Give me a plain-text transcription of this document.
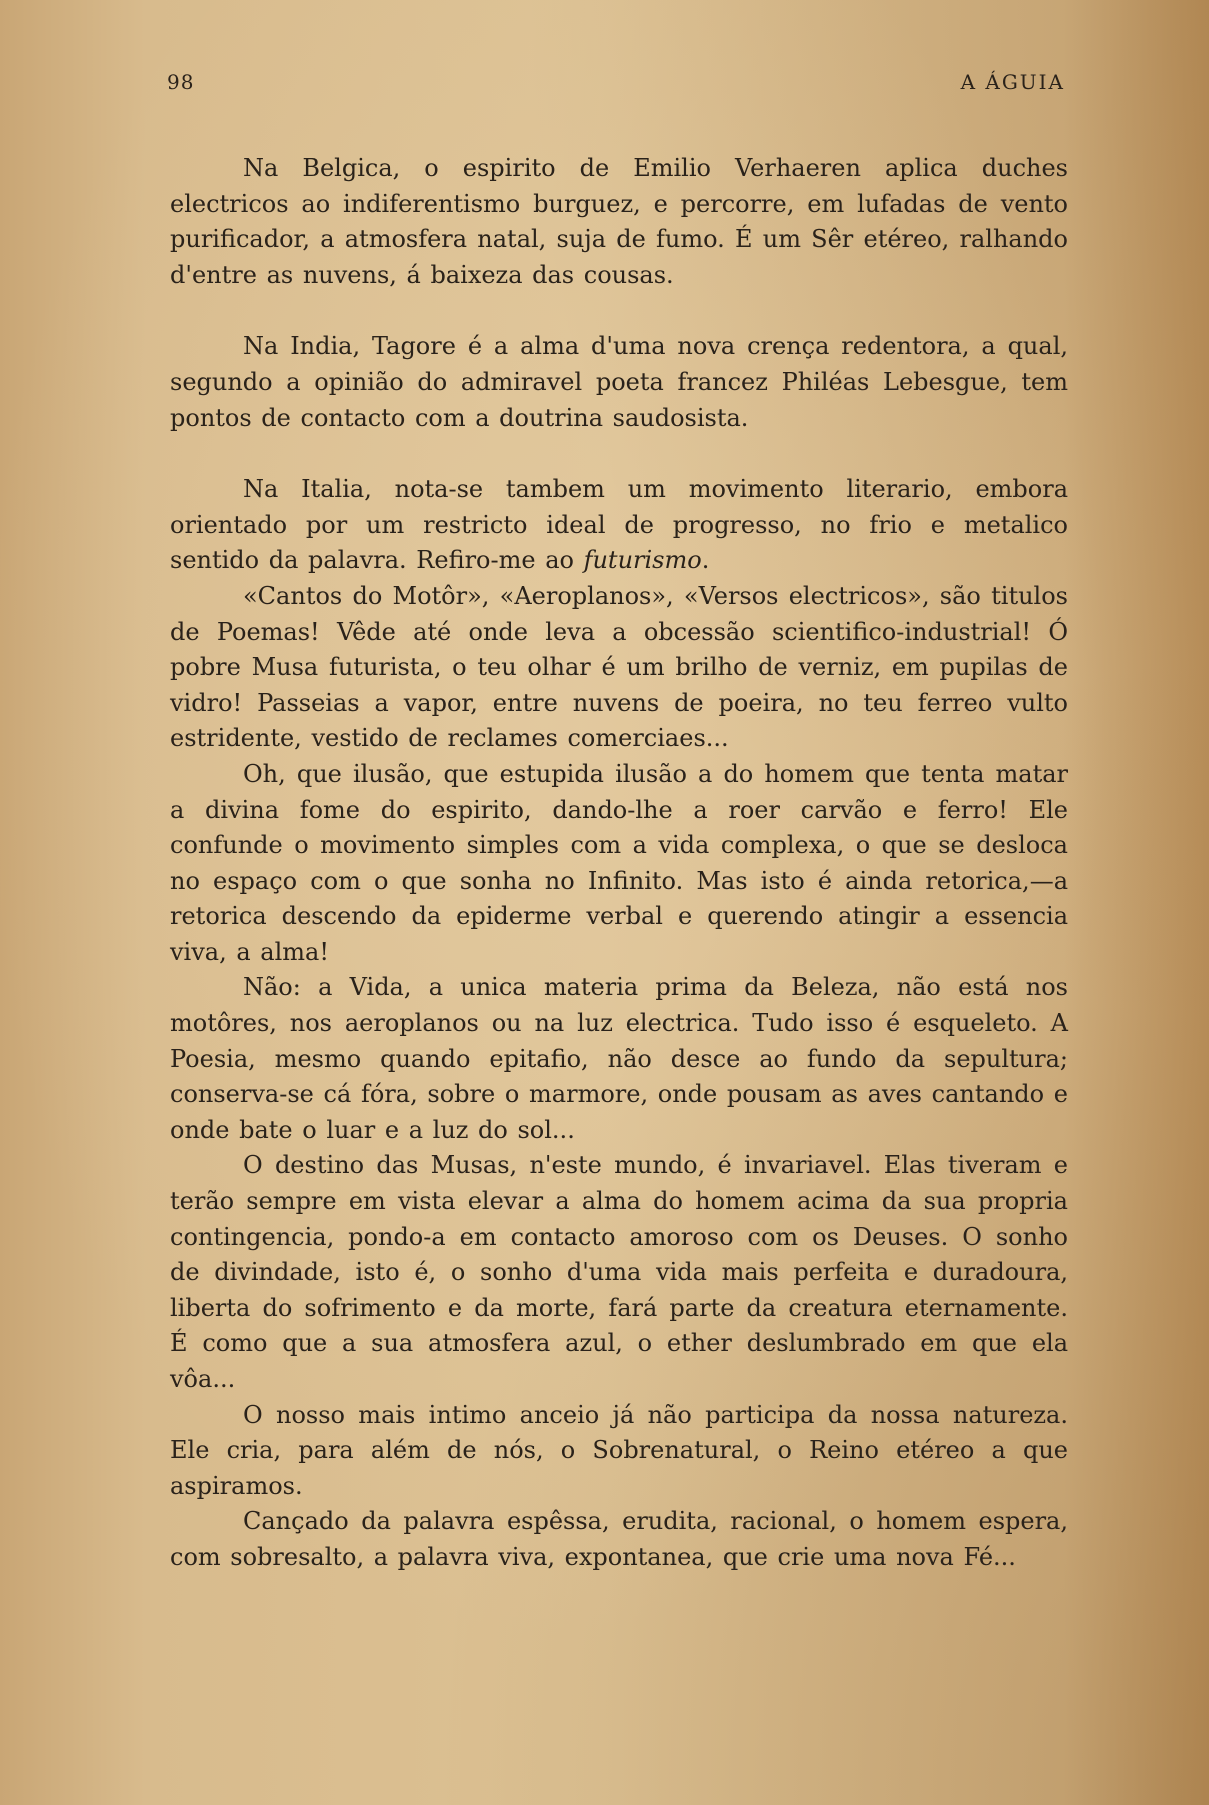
98	A ÁGUIA

Na Belgica, o espirito de Emilio Verhaeren aplica duches electricos ao indiferentismo burguez, e percorre, em lufadas de vento purificador, a atmosfera natal, suja de fumo. É um Sêr etéreo, ralhando d'entre as nuvens, á baixeza das cousas.

Na India, Tagore é a alma d'uma nova crença redentora, a qual, segundo a opinião do admiravel poeta francez Philéas Lebesgue, tem pontos de contacto com a doutrina saudosista.

Na Italia, nota-se tambem um movimento literario, embora orientado por um restricto ideal de progresso, no frio e metalico sentido da palavra. Refiro-me ao futurismo.

«Cantos do Motôr», «Aeroplanos», «Versos electricos», são titulos de Poemas! Vêde até onde leva a obcessão scientifico-industrial! Ó pobre Musa futurista, o teu olhar é um brilho de verniz, em pupilas de vidro! Passeias a vapor, entre nuvens de poeira, no teu ferreo vulto estridente, vestido de reclames comerciaes...

Oh, que ilusão, que estupida ilusão a do homem que tenta matar a divina fome do espirito, dando-lhe a roer carvão e ferro! Ele confunde o movimento simples com a vida complexa, o que se desloca no espaço com o que sonha no Infinito. Mas isto é ainda retorica,—a retorica descendo da epiderme verbal e querendo atingir a essencia viva, a alma!

Não: a Vida, a unica materia prima da Beleza, não está nos motôres, nos aeroplanos ou na luz electrica. Tudo isso é esqueleto. A Poesia, mesmo quando epitafio, não desce ao fundo da sepultura; conserva-se cá fóra, sobre o marmore, onde pousam as aves cantando e onde bate o luar e a luz do sol...

O destino das Musas, n'este mundo, é invariavel. Elas tiveram e terão sempre em vista elevar a alma do homem acima da sua propria contingencia, pondo-a em contacto amoroso com os Deuses. O sonho de divindade, isto é, o sonho d'uma vida mais perfeita e duradoura, liberta do sofrimento e da morte, fará parte da creatura eternamente. É como que a sua atmosfera azul, o ether deslumbrado em que ela vôa...

O nosso mais intimo anceio já não participa da nossa natureza. Ele cria, para além de nós, o Sobrenatural, o Reino etéreo a que aspiramos.

Cançado da palavra espêssa, erudita, racional, o homem espera, com sobresalto, a palavra viva, expontanea, que crie uma nova Fé...
